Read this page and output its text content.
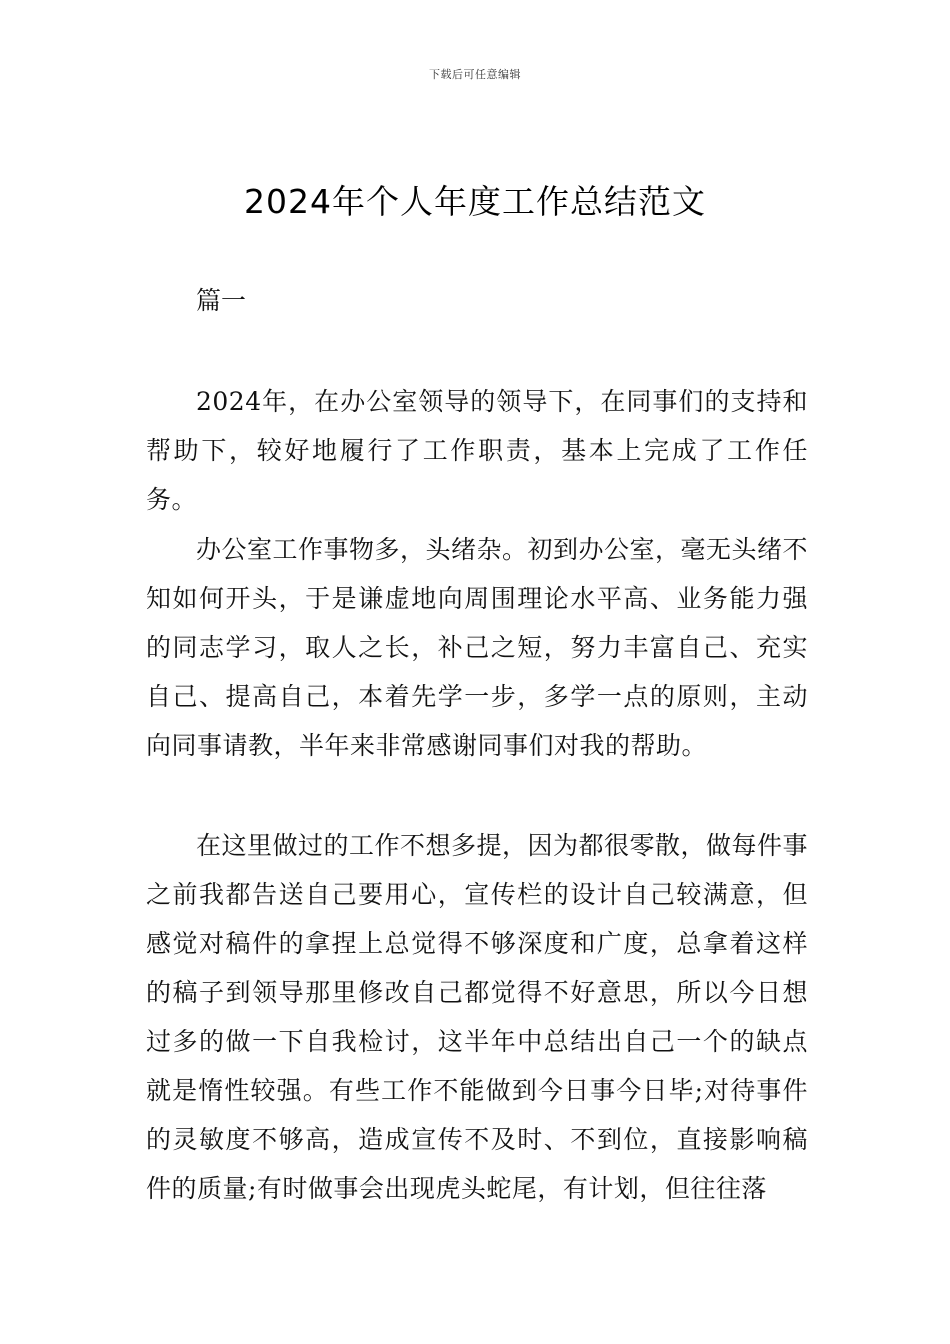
下载后可任意编辑
2024年个人年度工作总结范文
篇一

2024年，在办公室领导的领导下，在同事们的支持和帮助下，较好地履行了工作职责，基本上完成了工作任务。

办公室工作事物多，头绪杂。初到办公室，毫无头绪不知如何开头，于是谦虚地向周围理论水平高、业务能力强的同志学习，取人之长，补己之短，努力丰富自己、充实自己、提高自己，本着先学一步，多学一点的原则，主动向同事请教，半年来非常感谢同事们对我的帮助。

在这里做过的工作不想多提，因为都很零散，做每件事之前我都告送自己要用心，宣传栏的设计自己较满意，但感觉对稿件的拿捏上总觉得不够深度和广度，总拿着这样的稿子到领导那里修改自己都觉得不好意思，所以今日想过多的做一下自我检讨，这半年中总结出自己一个的缺点就是惰性较强。有些工作不能做到今日事今日毕;对待事件的灵敏度不够高，造成宣传不及时、不到位，直接影响稿件的质量;有时做事会出现虎头蛇尾，有计划，但往往落
